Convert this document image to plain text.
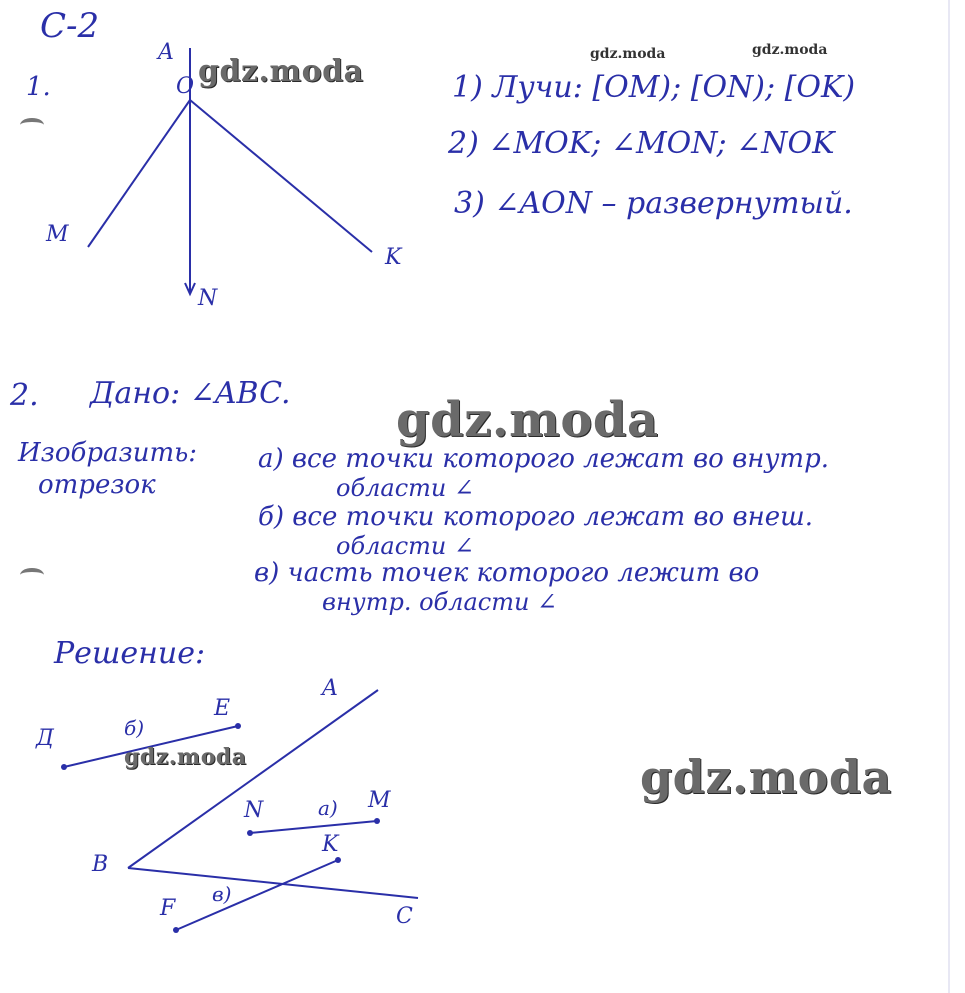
С-2
1.
A
O
M
N
K
1) Лучи: [OM); [ON); [OK)
2) ∠MOK; ∠MON; ∠NOK
3) ∠AON – развернутый.
2. Дано: ∠ABC.
Изобразить:
отрезок
а) все точки которого лежат во внутр.
области ∠
б) все точки которого лежат во внеш.
области ∠
в) часть точек которого лежит во
внутр. области ∠
Решение:
Д
E
б)
A
N	а) M
B
K
F
в)
C
gdz.moda	gdz.moda
gdz.moda
gdz.moda
gdz.moda	gdz.moda
